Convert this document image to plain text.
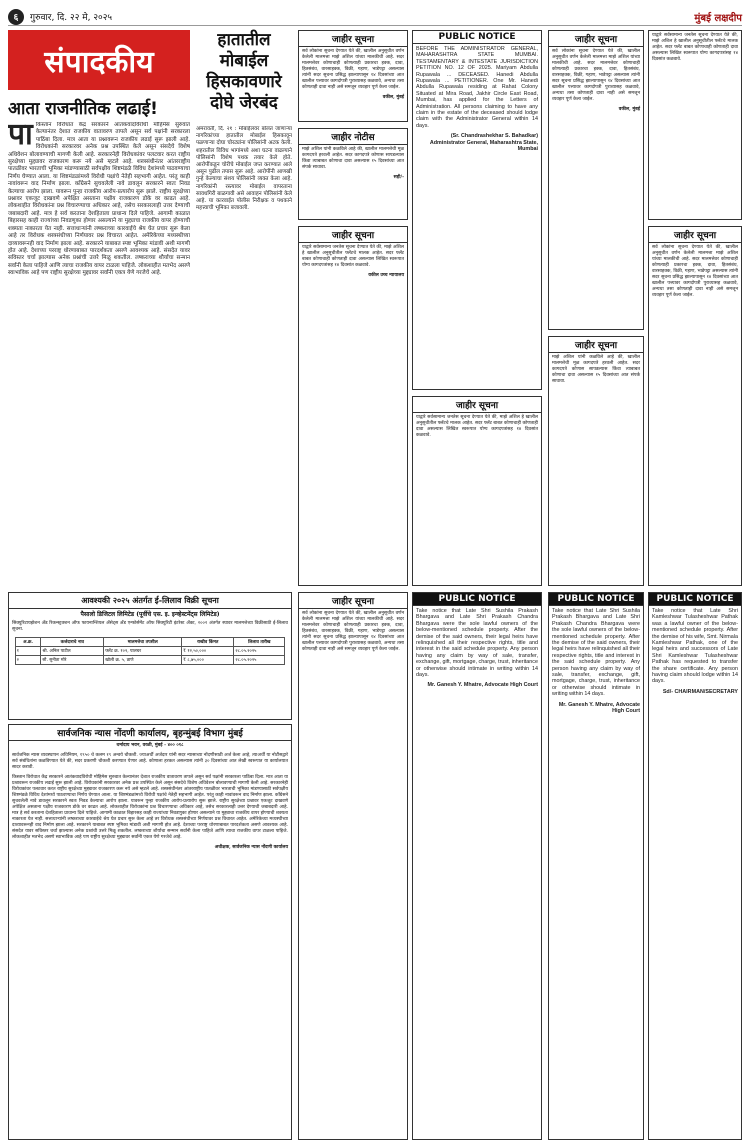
६	गुरुवार, दि. २२ मे, २०२५	मुंबई लक्षदीप
संपादकीय
आता राजनीतिक लढाई!
पा किस्तान विरोधात केंद्र सरकारने आतंकवादविरोधी मोहिमेस सुरुवात केल्यानंतर देशात राजकीय वातावरण तापले असून सर्व पक्षांनी सरकारला पाठिंबा दिला. मात्र आता या प्रश्नावरून राजकीय लढाई सुरू झाली आहे. विरोधकांनी सरकारवर अनेक प्रश्न उपस्थित केले असून संसदेचे विशेष अधिवेशन बोलावण्याची मागणी केली आहे. सरकारनेही विरोधकांवर पलटवार करत राष्ट्रीय सुरक्षेच्या मुद्द्यावर राजकारण करू नये असे म्हटले आहे. शस्त्रसंधीनंतर आंतरराष्ट्रीय पातळीवर भारताची भूमिका मांडण्यासाठी सर्वपक्षीय शिष्टमंडळे विविध देशांमध्ये पाठवण्याचा निर्णय घेण्यात आला. या शिष्टमंडळांमध्ये विरोधी पक्षांचे नेतेही सहभागी आहेत. परंतु काही नावांवरून वाद निर्माण झाला. काँग्रेसने सुचवलेली नावे डावलून सरकारने स्वतः निवड केल्याचा आरोप झाला. यावरून पुन्हा राजकीय आरोप-प्रत्यारोप सुरू झाले. राष्ट्रीय सुरक्षेच्या प्रश्नावर एकजूट दाखवणे अपेक्षित असताना पक्षीय राजकारण डोके वर काढत आहे. लोकशाहीत विरोधकांना प्रश्न विचारण्याचा अधिकार आहे, तसेच सरकारलाही उत्तर देण्याची जबाबदारी आहे. मात्र हे सर्व करताना देशहिताला प्राधान्य दिले पाहिजे. आगामी काळात बिहारसह काही राज्यांच्या निवडणुका होणार असल्याने या मुद्द्याचा राजकीय वापर होण्याची शक्यता नाकारता येत नाही. सत्ताधाऱ्यांनी लष्कराच्या कारवाईचे श्रेय घेत प्रचार सुरू केला आहे तर विरोधक शस्त्रसंधीच्या निर्णयावर प्रश्न विचारत आहेत. अमेरिकेच्या मध्यस्थीच्या दाव्यावरूनही वाद निर्माण झाला आहे. सरकारने याबाबत स्पष्ट भूमिका मांडावी अशी मागणी होत आहे. देशाच्या परराष्ट्र धोरणाबाबत पारदर्शकता असणे आवश्यक आहे. संसदेत यावर सविस्तर चर्चा झाल्यास अनेक प्रश्नांची उत्तरे मिळू शकतील. लष्कराच्या शौर्याचा सन्मान सर्वांनी केला पाहिजे आणि त्याचा राजकीय वापर टाळला पाहिजे. लोकशाहीत मतभेद असणे स्वाभाविक आहे पण राष्ट्रीय सुरक्षेच्या मुद्द्यावर सर्वांनी एकत्र येणे गरजेचे आहे.
हातातील मोबाईल हिसकावणारे दोघे जेरबंद
अमरावती, दि. २१ : मोबाईलवर बोलत जाणाऱ्या नागरिकांच्या हातातील मोबाईल हिसकावून पळणाऱ्या दोघा चोरट्यांना पोलिसांनी अटक केली. शहरातील विविध भागांमध्ये अशा घटना वाढल्याने पोलिसांनी विशेष पथक तयार केले होते. आरोपींकडून चोरीचे मोबाईल जप्त करण्यात आले असून पुढील तपास सुरू आहे. आरोपींनी आणखी गुन्हे केल्याचा संशय पोलिसांनी व्यक्त केला आहे. नागरिकांनी रस्त्यावर मोबाईल वापरताना सावधगिरी बाळगावी असे आवाहन पोलिसांनी केले आहे. या कारवाईत पोलीस निरीक्षक व पथकाने महत्त्वाची भूमिका बजावली.
जाहीर सूचना
सर्व लोकांना सूचना देण्यात येते की, खालील अनुसूचीत वर्णन केलेली मालमत्ता माझे अशिल यांच्या मालकीची आहे. सदर मालमत्तेवर कोणाचाही कोणत्याही प्रकारचा हक्क, दावा, हितसंबंध, वारसाहक्क, विक्री, गहाण, भाडेपट्टा असल्यास त्यांनी सदर सूचना प्रसिद्ध झाल्यापासून १४ दिवसांच्या आत खालील पत्त्यावर कागदोपत्री पुराव्यासह कळवावे, अन्यथा तसा कोणताही दावा नाही असे समजून व्यवहार पूर्ण केला जाईल.
वकील, मुंबई
जाहीर नोटीस
माझे अशिल यांनी कळविले आहे की, खालील मालमत्तेची मूळ कागदपत्रे हरवली आहेत. सदर कागदपत्रे कोणास सापडल्यास किंवा त्याबाबत कोणाचा दावा असल्यास १५ दिवसांच्या आत संपर्क साधावा.
सही/-
जाहीर सूचना
याद्वारे सर्वसामान्य जनतेस सूचना देण्यात येते की, माझे अशिल हे खालील अनुसूचीतील फ्लॅटचे मालक आहेत. सदर फ्लॅट बाबत कोणाचाही कोणताही दावा असल्यास लिखित स्वरूपात योग्य कागदपत्रांसह १४ दिवसांत कळवावे.
वकील उच्च न्यायालय
PUBLIC NOTICE
BEFORE THE ADMINISTRATOR GENERAL, MAHARASHTRA STATE MUMBAI. TESTAMENTARY & INTESTATE JURISDICTION PETITION NO. 12 OF 2025. Mariyam Abdulla Rupawala ... DECEASED. Hanedi Abdulla Rupawala ... PETITIONER. One Mr. Hanedi Abdulla Rupawala residing at Rahat Colony Situated at Mira Road, Jakhir Circle East Road, Mumbai, has applied for the Letters of Administration. All persons claiming to have any claim in the estate of the deceased should lodge claim with the Administrator General within 14 days.
(Sr. Chandrashekhar S. Bahadkar) Administrator General, Maharashtra State, Mumbai
जाहीर सूचना
याद्वारे सर्वसामान्य जनतेस सूचना देण्यात येते की, माझे अशिल हे खालील अनुसूचीतील फ्लॅटचे मालक आहेत. सदर फ्लॅट बाबत कोणाचाही कोणताही दावा असल्यास लिखित स्वरूपात योग्य कागदपत्रांसह १४ दिवसांत कळवावे.
जाहीर सूचना
सर्व लोकांना सूचना देण्यात येते की, खालील अनुसूचीत वर्णन केलेली मालमत्ता माझे अशिल यांच्या मालकीची आहे. सदर मालमत्तेवर कोणाचाही कोणत्याही प्रकारचा हक्क, दावा, हितसंबंध, वारसाहक्क, विक्री, गहाण, भाडेपट्टा असल्यास त्यांनी सदर सूचना प्रसिद्ध झाल्यापासून १४ दिवसांच्या आत खालील पत्त्यावर कागदोपत्री पुराव्यासह कळवावे, अन्यथा तसा कोणताही दावा नाही असे समजून व्यवहार पूर्ण केला जाईल.
वकील, मुंबई
जाहीर सूचना
माझे अशिल यांनी कळविले आहे की, खालील मालमत्तेची मूळ कागदपत्रे हरवली आहेत. सदर कागदपत्रे कोणास सापडल्यास किंवा त्याबाबत कोणाचा दावा असल्यास १५ दिवसांच्या आत संपर्क साधावा.
याद्वारे सर्वसामान्य जनतेस सूचना देण्यात येते की, माझे अशिल हे खालील अनुसूचीतील फ्लॅटचे मालक आहेत. सदर फ्लॅट बाबत कोणाचाही कोणताही दावा असल्यास लिखित स्वरूपात योग्य कागदपत्रांसह १४ दिवसांत कळवावे.
जाहीर सूचना
सर्व लोकांना सूचना देण्यात येते की, खालील अनुसूचीत वर्णन केलेली मालमत्ता माझे अशिल यांच्या मालकीची आहे. सदर मालमत्तेवर कोणाचाही कोणत्याही प्रकारचा हक्क, दावा, हितसंबंध, वारसाहक्क, विक्री, गहाण, भाडेपट्टा असल्यास त्यांनी सदर सूचना प्रसिद्ध झाल्यापासून १४ दिवसांच्या आत खालील पत्त्यावर कागदोपत्री पुराव्यासह कळवावे, अन्यथा तसा कोणताही दावा नाही असे समजून व्यवहार पूर्ण केला जाईल.
जाहीर सूचना
सर्व लोकांना सूचना देण्यात येते की, खालील अनुसूचीत वर्णन केलेली मालमत्ता माझे अशिल यांच्या मालकीची आहे. सदर मालमत्तेवर कोणाचाही कोणत्याही प्रकारचा हक्क, दावा, हितसंबंध, वारसाहक्क, विक्री, गहाण, भाडेपट्टा असल्यास त्यांनी सदर सूचना प्रसिद्ध झाल्यापासून १४ दिवसांच्या आत खालील पत्त्यावर कागदोपत्री पुराव्यासह कळवावे, अन्यथा तसा कोणताही दावा नाही असे समजून व्यवहार पूर्ण केला जाईल.
PUBLIC NOTICE
Take notice that Late Shri Sushila Prakash Bhargava and Late Shri Prakash Chandra Bhargava were the sole lawful owners of the below-mentioned schedule property. After the demise of the said owners, their legal heirs have relinquished all their respective rights, title and interest in the said schedule property. Any person having any claim by way of sale, transfer, exchange, gift, mortgage, charge, trust, inheritance or otherwise should intimate in writing within 14 days.
Mr. Ganesh Y. Mhatre, Advocate High Court
PUBLIC NOTICE
Take notice that Late Shri Sushila Prakash Bhargava and Late Shri Prakash Chandra Bhargava were the sole lawful owners of the below-mentioned schedule property. After the demise of the said owners, their legal heirs have relinquished all their respective rights, title and interest in the said schedule property. Any person having any claim by way of sale, transfer, exchange, gift, mortgage, charge, trust, inheritance or otherwise should intimate in writing within 14 days.
Mr. Ganesh Y. Mhatre, Advocate High Court
PUBLIC NOTICE
Take notice that Late Shri Kamleshwar Tulasheshwar Pathak was a lawful owner of the below-mentioned schedule property. After the demise of his wife, Smt. Nirmala Kamleshwar Pathak, one of the legal heirs and successors of Late Shri Kamleshwar Tulasheshwar Pathak has requested to transfer the share certificate. Any person having claim should lodge within 14 days.
Sd/- CHAIRMAN/SECRETARY
आवश्यकी २०२५ अंतर्गत ई-लिलाव विक्री सूचना
पैसालो डिजिटल लिमिटेड (पूर्वीचे एस. इ. इन्व्हेस्टमेंट्स लिमिटेड)
सिक्युरिटायझेशन अँड रिकन्स्ट्रक्शन ऑफ फायनान्शियल ॲसेट्स अँड एन्फोर्समेंट ऑफ सिक्युरिटी इंटरेस्ट ॲक्ट, २००२ अंतर्गत स्थावर मालमत्तेच्या विक्रीसाठी ई-लिलाव सूचना.
अ.क्र.	कर्जदाराचे नाव	मालमत्तेचा तपशील	राखीव किंमत	लिलाव तारीख
१	श्री. अनिल पाटील	फ्लॅट क्र. १०२, पालघर	₹ १२,५०,०००	२८.०५.२०२५
२	सौ. सुनीता मोरे	खोली क्र. ५, ठाणे	₹ ८,७५,०००	२८.०५.२०२५
सार्वजनिक न्यास नोंदणी कार्यालय, बृहन्मुंबई विभाग मुंबई
धर्मादाय भवन, वरळी, मुंबई - ४०० ०१८
सार्वजनिक न्यास व्यवस्थापन अधिनियम, १९५० चे कलम १९ अन्वये चौकशी. ज्याअर्थी अर्जदार यांनी सदर न्यासाच्या नोंदणीसाठी अर्ज केला आहे, त्याअर्थी या नोटीसद्वारे सर्व संबंधितांना कळविण्यात येते की, सदर प्रकरणी चौकशी करण्यात येणार आहे. कोणाला हरकत असल्यास त्यांनी ३० दिवसांच्या आत लेखी स्वरूपात या कार्यालयात सादर करावी.
किस्तान विरोधात केंद्र सरकारने आतंकवादविरोधी मोहिमेस सुरुवात केल्यानंतर देशात राजकीय वातावरण तापले असून सर्व पक्षांनी सरकारला पाठिंबा दिला. मात्र आता या प्रश्नावरून राजकीय लढाई सुरू झाली आहे. विरोधकांनी सरकारवर अनेक प्रश्न उपस्थित केले असून संसदेचे विशेष अधिवेशन बोलावण्याची मागणी केली आहे. सरकारनेही विरोधकांवर पलटवार करत राष्ट्रीय सुरक्षेच्या मुद्द्यावर राजकारण करू नये असे म्हटले आहे. शस्त्रसंधीनंतर आंतरराष्ट्रीय पातळीवर भारताची भूमिका मांडण्यासाठी सर्वपक्षीय शिष्टमंडळे विविध देशांमध्ये पाठवण्याचा निर्णय घेण्यात आला. या शिष्टमंडळांमध्ये विरोधी पक्षांचे नेतेही सहभागी आहेत. परंतु काही नावांवरून वाद निर्माण झाला. काँग्रेसने सुचवलेली नावे डावलून सरकारने स्वतः निवड केल्याचा आरोप झाला. यावरून पुन्हा राजकीय आरोप-प्रत्यारोप सुरू झाले. राष्ट्रीय सुरक्षेच्या प्रश्नावर एकजूट दाखवणे अपेक्षित असताना पक्षीय राजकारण डोके वर काढत आहे. लोकशाहीत विरोधकांना प्रश्न विचारण्याचा अधिकार आहे, तसेच सरकारलाही उत्तर देण्याची जबाबदारी आहे. मात्र हे सर्व करताना देशहिताला प्राधान्य दिले पाहिजे. आगामी काळात बिहारसह काही राज्यांच्या निवडणुका होणार असल्याने या मुद्द्याचा राजकीय वापर होण्याची शक्यता नाकारता येत नाही. सत्ताधाऱ्यांनी लष्कराच्या कारवाईचे श्रेय घेत प्रचार सुरू केला आहे तर विरोधक शस्त्रसंधीच्या निर्णयावर प्रश्न विचारत आहेत. अमेरिकेच्या मध्यस्थीच्या दाव्यावरूनही वाद निर्माण झाला आहे. सरकारने याबाबत स्पष्ट भूमिका मांडावी अशी मागणी होत आहे. देशाच्या परराष्ट्र धोरणाबाबत पारदर्शकता असणे आवश्यक आहे. संसदेत यावर सविस्तर चर्चा झाल्यास अनेक प्रश्नांची उत्तरे मिळू शकतील. लष्कराच्या शौर्याचा सन्मान सर्वांनी केला पाहिजे आणि त्याचा राजकीय वापर टाळला पाहिजे. लोकशाहीत मतभेद असणे स्वाभाविक आहे पण राष्ट्रीय सुरक्षेच्या मुद्द्यावर सर्वांनी एकत्र येणे गरजेचे आहे.
अधीक्षक, सार्वजनिक न्यास नोंदणी कार्यालय
